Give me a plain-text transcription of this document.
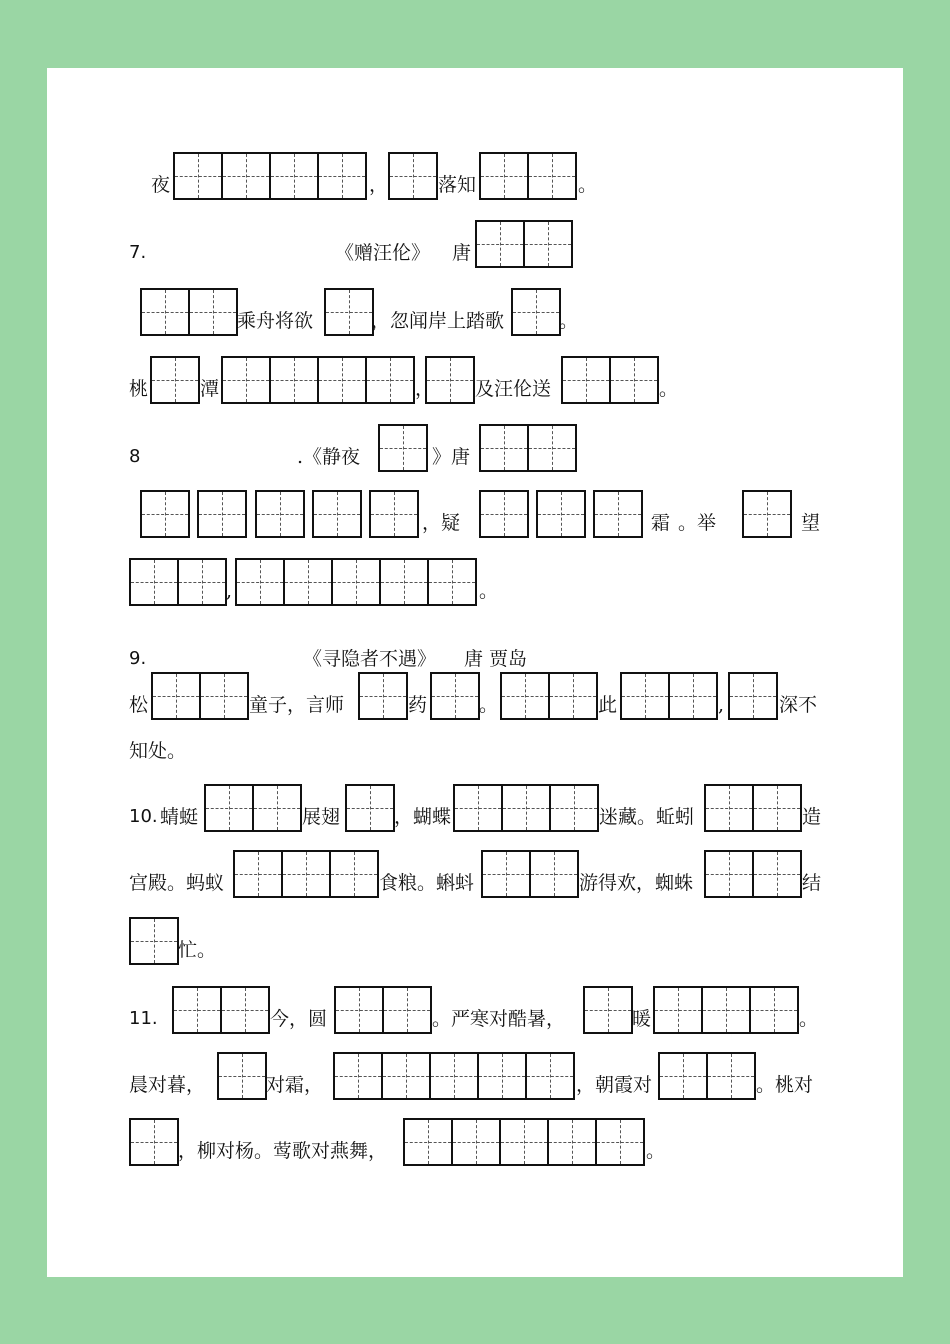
夜	，	落知	。
7.	《赠汪伦》 唐
乘舟将欲	，忽闻岸上踏歌	。
桃	潭	， 及汪伦送	。
8	.《静夜	》唐
，疑	霜 。举	望
,	。
9.	《寻隐者不遇》 唐 贾岛
松	童子，言师	药	。	此	,	深不
知处。
10. 蜻蜓	展翅	，蝴蝶	迷藏。蚯蚓	造
宫殿。蚂蚁	食粮。蝌蚪	游得欢，蜘蛛	结
忙。
11.	今，圆	。严寒对酷暑，	暖	。
晨对暮，	对霜，	，朝霞对	。桃对
，柳对杨。莺歌对燕舞，	。
